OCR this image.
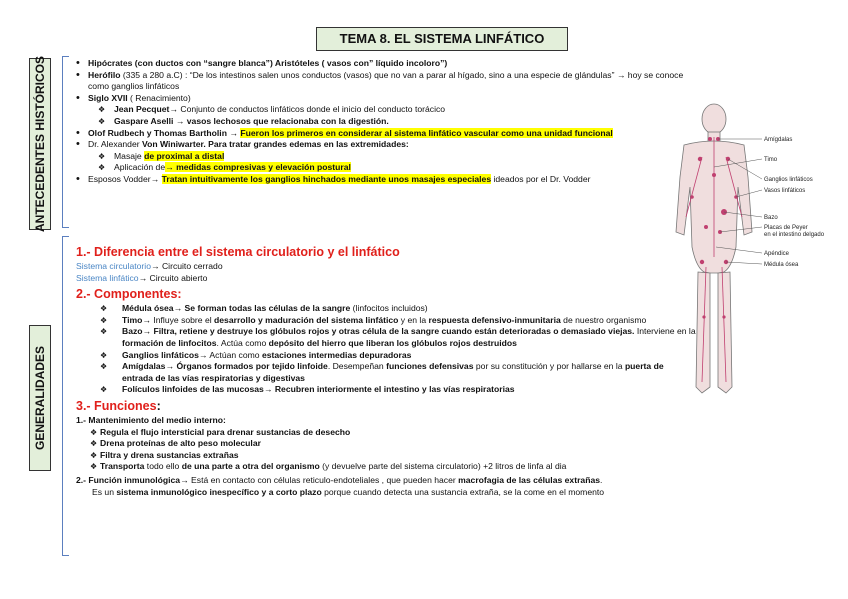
TEMA 8. EL SISTEMA LINFÁTICO
ANTECEDENTES HISTÓRICOS
GENERALIDADES
• Hipócrates (con ductos con “sangre blanca”) Aristóteles ( vasos con” líquido incoloro”)
• Herófilo (335 a 280 a.C) : “De los intestinos salen unos conductos (vasos) que no van a parar al hígado, sino a una especie de glándulas” → hoy se conoce como ganglios linfáticos
• Siglo XVII ( Renacimiento)
❖ Jean Pecquet→ Conjunto de conductos linfáticos donde el inicio del conducto torácico
❖ Gaspare Aselli → vasos lechosos que relacionaba con la digestión.
• Olof Rudbech y Thomas Bartholin → Fueron los primeros en considerar al sistema linfático vascular como una unidad funcional
• Dr. Alexander Von Winiwarter. Para tratar grandes edemas en las extremidades:
❖ Masaje de proximal a distal
❖ Aplicación de→ medidas compresivas y elevación postural
• Esposos Vodder→ Tratan intuitivamente los ganglios hinchados mediante unos masajes especiales ideados por el Dr. Vodder
1.- Diferencia entre el sistema circulatorio y el linfático
Sistema circulatorio→ Circuito cerrado
Sistema linfático→ Circuito abierto
2.- Componentes:
❖ Médula ósea→ Se forman todas las células de la sangre (linfocitos incluidos)
❖ Timo→ Influye sobre el desarrollo y maduración del sistema linfático y en la respuesta defensivo-inmunitaria de nuestro organismo
❖ Bazo→ Filtra, retiene y destruye los glóbulos rojos y otras célula de la sangre cuando están deterioradas o demasiado viejas. Interviene en la formación de linfocitos. Actúa como depósito del hierro que liberan los glóbulos rojos destruidos
❖ Ganglios linfáticos→ Actúan como estaciones intermedias depuradoras
❖ Amígdalas→ Órganos formados por tejido linfoide. Desempeñan funciones defensivas por su constitución y por hallarse en la puerta de entrada de las vías respiratorias y digestivas
❖ Folículos linfoides de las mucosas→ Recubren interiormente el intestino y las vías respiratorias
3.- Funciones:
1.- Mantenimiento del medio interno:
❖ Regula el flujo intersticial para drenar sustancias de desecho
❖ Drena proteínas de alto peso molecular
❖ Filtra y drena sustancias extrañas
❖ Transporta todo ello de una parte a otra del organismo (y devuelve parte del sistema circulatorio) +2 litros de linfa al dia
2.- Función inmunológica→ Está en contacto con células reticulo-endoteliales , que pueden hacer macrofagia de las células extrañas.
Es un sistema inmunológico inespecífico y a corto plazo porque cuando detecta una sustancia extraña, se la come en el momento
Amígdalas
Timo
Ganglios linfáticos
Vasos linfáticos
Bazo
Placas de Peyer
en el intestino delgado
Apéndice
Médula ósea
